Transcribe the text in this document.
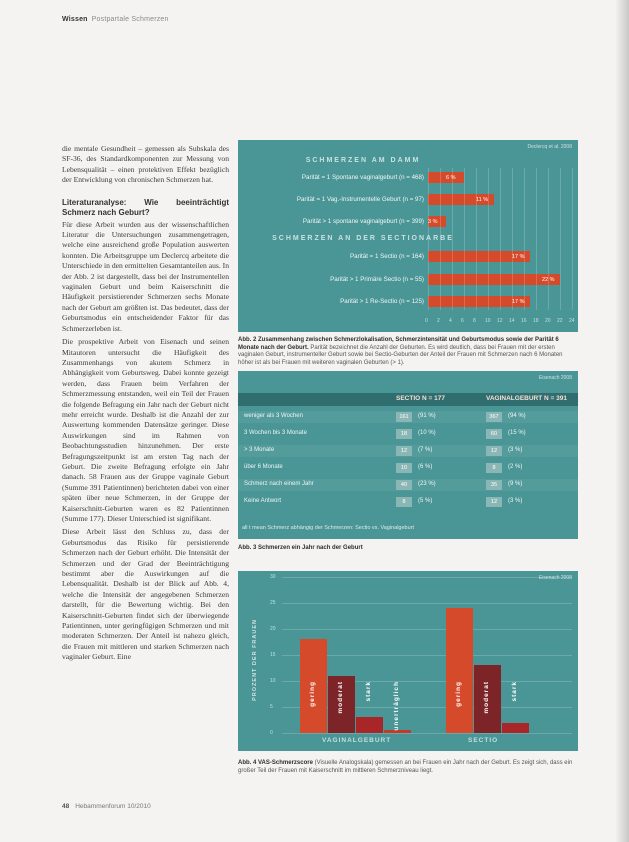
Wissen Postpartale Schmerzen

die mentale Gesundheit – gemessen als Subskala des SF-36, des Standardkomponenten zur Messung von Lebensqualität – einen protektiven Effekt bezüglich der Entwicklung von chronischen Schmerzen hat.

Literaturanalyse: Wie beeinträchtigt Schmerz nach Geburt?

Für diese Arbeit wurden aus der wissenschaftlichen Literatur die Untersuchungen zusammengetragen, welche eine ausreichend große Population auswerten konnten. Die Arbeitsgruppe um Declercq arbeitete die Unterschiede in den ermittelten Gesamtanteilen aus. In der Abb. 2 ist dargestellt, dass bei der Instrumentellen vaginalen Geburt und beim Kaiserschnitt die Häufigkeit persistierender Schmerzen sechs Monate nach der Geburt am größten ist. Das bedeutet, dass der Geburtsmodus ein entscheidender Faktor für das Schmerzerleben ist.

Die prospektive Arbeit von Eisenach und seinen Mitautoren untersucht die Häufigkeit des Zusammenhangs von akutem Schmerz in Abhängigkeit vom Geburtsweg. Dabei konnte gezeigt werden, dass Frauen beim Verfahren der Schmerzmessung entstanden, weil ein Teil der Frauen die folgende Befragung ein Jahr nach der Geburt nicht mehr erreicht wurde. Deshalb ist die Anzahl der zur Auswertung kommenden Datensätze geringer. Diese Auswirkungen sind im Rahmen von Beobachtungsstudien hinzunehmen. Der erste Befragungszeitpunkt ist am ersten Tag nach der Geburt. Die zweite Befragung erfolgte ein Jahr danach. 58 Frauen aus der Gruppe vaginale Geburt (Summe 391 Patientinnen) berichteten dabei von einer späten über neue Schmerzen, in der Gruppe der Kaiserschnitt-Geburten waren es 82 Patientinnen (Summe 177). Dieser Unterschied ist signifikant.

Diese Arbeit lässt den Schluss zu, dass der Geburtsmodus das Risiko für persistierende Schmerzen nach der Geburt erhöht. Die Intensität der Schmerzen und der Grad der Beeinträchtigung bestimmt aber die Auswirkungen auf die Lebensqualität. Deshalb ist der Blick auf Abb. 4, welche die Intensität der angegebenen Schmerzen darstellt, für die Bewertung wichtig. Bei den Kaiserschnitt-Geburten findet sich der überwiegende Patientinnen, unter geringfügigen Schmerzen und mit moderaten Schmerzen. Der Anteil ist nahezu gleich, die Frauen mit mittleren und starken Schmerzen nach vaginaler Geburt. Eine

Declercq et al. 2008
SCHMERZEN AM DAMM
SCHMERZEN AN DER SECTIONARBE
Parität = 1 Spontane vaginalgeburt (n = 468)	6 %
Parität = 1 Vag.-Instrumentelle Geburt (n = 97)	11 %
Parität > 1 spontane vaginalgeburt (n = 399) 3 %
Parität = 1 Sectio (n = 164)	17 %
Parität > 1 Primäre Sectio (n = 55)	22 %
Parität > 1 Re-Sectio (n = 125)	17 %
0 2 4 6 8 10 12 14 16 18 20 22 24
Abb. 2 Zusammenhang zwischen Schmerzlokalisation, Schmerzintensität und Geburtsmodus sowie der Parität 6 Monate nach der Geburt. Parität bezeichnet die Anzahl der Geburten. Es wird deutlich, dass bei Frauen mit der ersten vaginalen Geburt, instrumenteller Geburt sowie bei Sectio-Geburten der Anteil der Frauen mit Schmerzen nach 6 Monaten höher ist als bei Frauen mit weiteren vaginalen Geburten (> 1).
Eisenach 2008
SECTIO N = 177	VAGINALGEBURT N = 391
weniger als 3 Wochen	161	(91 %)	367	(94 %)
3 Wochen bis 3 Monate	18	(10 %)	60	(15 %)
> 3 Monate	12	(7 %)	12	(3 %)
über 6 Monate	10	(6 %)	8	(2 %)
Schmerz nach einem Jahr	40	(23 %)	35	(9 %)
Keine Antwort	8	(5 %)	12	(3 %)
all t mean Schmerz abhängig der Schmerzen: Sectio vs. Vaginalgeburt
Abb. 3 Schmerzen ein Jahr nach der Geburt
Eisenach 2008
PROZENT DER FRAUEN
0
5
10
15
20
25
30
gering	moderat	stark	unerträglich
VAGINALGEBURT
gering	moderat	stark
SECTIO
Abb. 4 VAS-Schmerzscore (Visuelle Analogskala) gemessen an bei Frauen ein Jahr nach der Geburt. Es zeigt sich, dass ein großer Teil der Frauen mit Kaiserschnitt im mittleren Schmerzniveau liegt.
48 Hebammenforum 10/2010
